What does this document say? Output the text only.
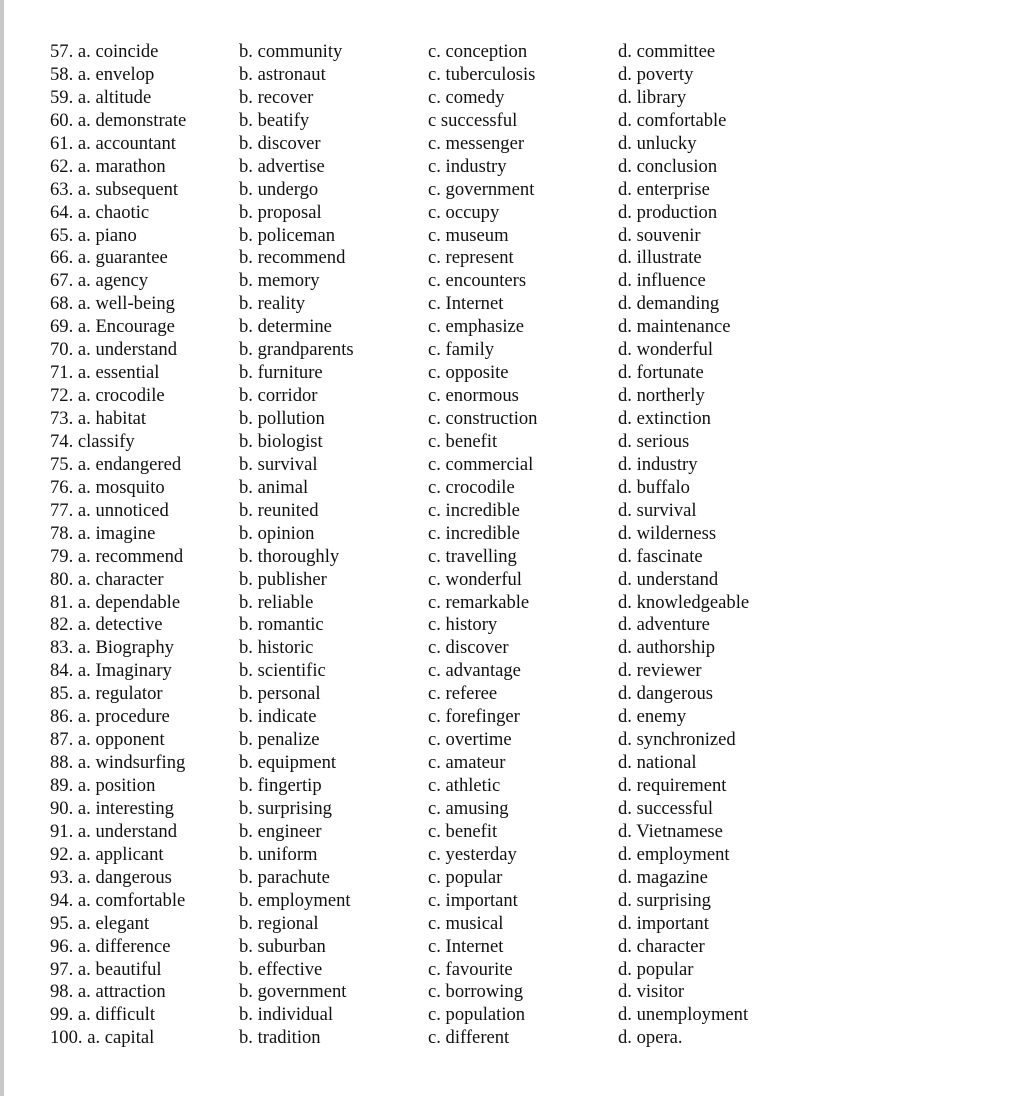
57. a. coincide	b. community	c. conception	d. committee
58. a. envelop	b. astronaut	c. tuberculosis	d. poverty
59. a. altitude	b. recover	c. comedy	d. library
60. a. demonstrate	b. beatify	c successful	d. comfortable
61. a. accountant	b. discover	c. messenger	d. unlucky
62. a. marathon	b. advertise	c. industry	d. conclusion
63. a. subsequent	b. undergo	c. government	d. enterprise
64. a. chaotic	b. proposal	c. occupy	d. production
65. a. piano	b. policeman	c. museum	d. souvenir
66. a. guarantee	b. recommend	c. represent	d. illustrate
67. a. agency	b. memory	c. encounters	d. influence
68. a. well-being	b. reality	c. Internet	d. demanding
69. a. Encourage	b. determine	c. emphasize	d. maintenance
70. a. understand	b. grandparents	c. family	d. wonderful
71. a. essential	b. furniture	c. opposite	d. fortunate
72. a. crocodile	b. corridor	c. enormous	d. northerly
73. a. habitat	b. pollution	c. construction	d. extinction
74. classify	b. biologist	c. benefit	d. serious
75. a. endangered	b. survival	c. commercial	d. industry
76. a. mosquito	b. animal	c. crocodile	d. buffalo
77. a. unnoticed	b. reunited	c. incredible	d. survival
78. a. imagine	b. opinion	c. incredible	d. wilderness
79. a. recommend	b. thoroughly	c. travelling	d. fascinate
80. a. character	b. publisher	c. wonderful	d. understand
81. a. dependable	b. reliable	c. remarkable	d. knowledgeable
82. a. detective	b. romantic	c. history	d. adventure
83. a. Biography	b. historic	c. discover	d. authorship
84. a. Imaginary	b. scientific	c. advantage	d. reviewer
85. a. regulator	b. personal	c. referee	d. dangerous
86. a. procedure	b. indicate	c. forefinger	d. enemy
87. a. opponent	b. penalize	c. overtime	d. synchronized
88. a. windsurfing	b. equipment	c. amateur	d. national
89. a. position	b. fingertip	c. athletic	d. requirement
90. a. interesting	b. surprising	c. amusing	d. successful
91. a. understand	b. engineer	c. benefit	d. Vietnamese
92. a. applicant	b. uniform	c. yesterday	d. employment
93. a. dangerous	b. parachute	c. popular	d. magazine
94. a. comfortable	b. employment	c. important	d. surprising
95. a. elegant	b. regional	c. musical	d. important
96. a. difference	b. suburban	c. Internet	d. character
97. a. beautiful	b. effective	c. favourite	d. popular
98. a. attraction	b. government	c. borrowing	d. visitor
99. a. difficult	b. individual	c. population	d. unemployment
100. a. capital	b. tradition	c. different	d. opera.
